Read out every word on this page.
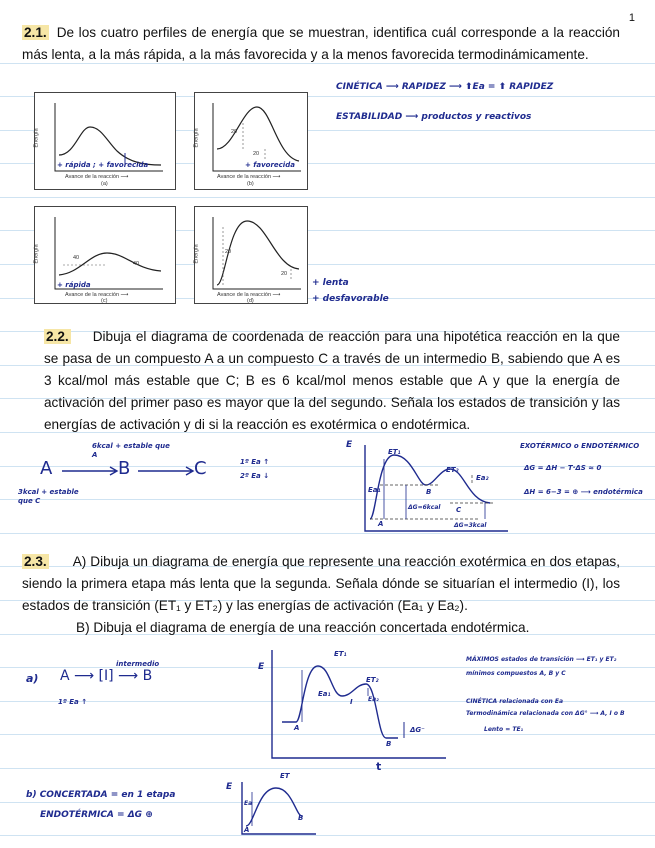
1
2.1. De los cuatro perfiles de energía que se muestran, identifica cuál corresponde a la reacción más lenta, a la más rápida, a la más favorecida y a la menos favorecida termodinámicamente.
CINÉTICA ⟶ RAPIDEZ ⟶ ⬆Ea = ⬆ RAPIDEZ
ESTABILIDAD ⟶ productos y reactivos
Energía
Avance de la reacción ⟶
(a)
+ rápida ; + favorecida
Energía
Avance de la reacción ⟶
(b)
20
20
+ favorecida
Energía
Avance de la reacción ⟶
(c)
40
40
+ rápida
Energía
Avance de la reacción ⟶
(d)
20
20
+ lenta
+ desfavorable
2.2. Dibuja el diagrama de coordenada de reacción para una hipotética reacción en la que se pasa de un compuesto A a un compuesto C a través de un intermedio B, sabiendo que A es 3 kcal/mol más estable que C; B es 6 kcal/mol menos estable que A y que la energía de activación del primer paso es mayor que la del segundo. Señala los estados de transición y las energías de activación y di si la reacción es exotérmica o endotérmica.
A	B	C
6kcal + estable que A
3kcal + estable que C
1º Ea ↑
2º Ea ↓
E
ET₁
ET₂
Ea₁
Ea₂
A
B
C
ΔG=6kcal
ΔG=3kcal
EXOTÉRMICO o ENDOTÉRMICO
ΔG = ΔH − T·ΔS ≈ 0
ΔH = 6−3 = ⊕ ⟶ endotérmica
2.3. A) Dibuja un diagrama de energía que represente una reacción exotérmica en dos etapas, siendo la primera etapa más lenta que la segunda. Señala dónde se situarían el intermedio (I), los estados de transición (ET₁ y ET₂) y las energías de activación (Ea₁ y Ea₂).
B) Dibuja el diagrama de energía de una reacción concertada endotérmica.
a) A ⟶ [I] ⟶ B
intermedio
1º Ea ↑
E
ET₁
ET₂
Ea₁
Ea₂
I
A
B
ΔG⁻
t
MÁXIMOS estados de transición ⟶ ET₁ y ET₂
mínimos compuestos A, B y C
CINÉTICA relacionada con Ea
Termodinámica relacionada con ΔG° ⟶ A, I o B
Lento = TE₁
b) CONCERTADA = en 1 etapa
ENDOTÉRMICA = ΔG ⊕
E
ET
Ea
A
B
